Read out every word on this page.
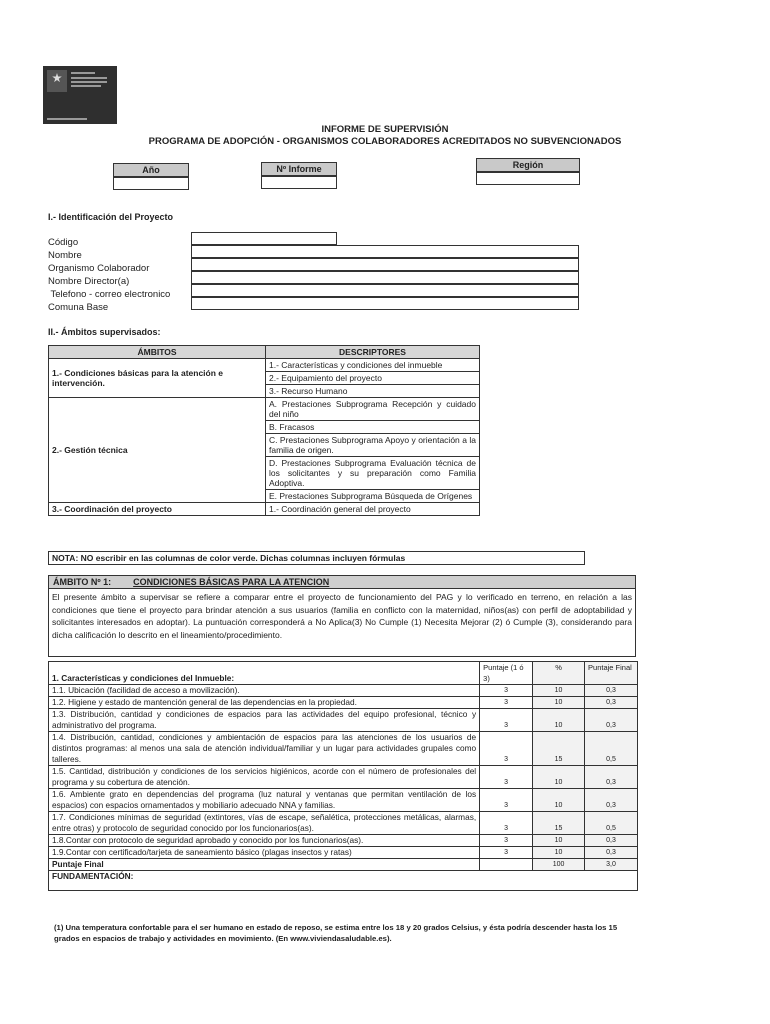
INFORME DE SUPERVISIÓN
PROGRAMA DE ADOPCIÓN - ORGANISMOS COLABORADORES ACREDITADOS NO SUBVENCIONADOS
Año	Nº Informe	Región
I.- Identificación del Proyecto
Código
Nombre
Organismo Colaborador
Nombre Director(a)
Telefono - correo electronico
Comuna Base
II.- Ámbitos supervisados:
ÁMBITOS	DESCRIPTORES
1.- Condiciones básicas para la atención e intervención.	1.- Características y condiciones del inmueble
	2.- Equipamiento del proyecto
	3.- Recurso Humano
2.- Gestión técnica	A. Prestaciones Subprograma Recepción y cuidado del niño
	B. Fracasos
	C. Prestaciones Subprograma Apoyo y orientación a la familia de origen.
	D. Prestaciones Subprograma Evaluación técnica de los solicitantes y su preparación como Familia Adoptiva.
	E. Prestaciones Subprograma Búsqueda de Orígenes
3.- Coordinación del proyecto	1.- Coordinación general del proyecto
NOTA: NO escribir en las columnas de color verde. Dichas columnas incluyen fórmulas
ÁMBITO Nº 1: CONDICIONES BÁSICAS PARA LA ATENCION
El presente ámbito a supervisar se refiere a comparar entre el proyecto de funcionamiento del PAG y lo verificado en terreno, en relación a las condiciones que tiene el proyecto para brindar atención a sus usuarios (familia en conflicto con la maternidad, niños(as) con perfil de adoptabilidad y solicitantes interesados en adoptar). La puntuación corresponderá a No Aplica(3) No Cumple (1) Necesita Mejorar (2) ó Cumple (3), considerando para dicha calificación lo descrito en el lineamiento/procedimiento.
1. Características y condiciones del Inmueble:	Puntaje (1 ó 3)	%	Puntaje Final
1.1. Ubicación (facilidad de acceso a movilización).	3	10	0,3
1.2. Higiene y estado de mantención general de las dependencias en la propiedad.	3	10	0,3
1.3. Distribución, cantidad y condiciones de espacios para las actividades del equipo profesional, técnico y administrativo del programa.	3	10	0,3
1.4. Distribución, cantidad, condiciones y ambientación de espacios para las atenciones de los usuarios de distintos programas: al menos una sala de atención individual/familiar y un lugar para actividades grupales como talleres.	3	15	0,5
1.5. Cantidad, distribución y condiciones de los servicios higiénicos, acorde con el número de profesionales del programa y su cobertura de atención.	3	10	0,3
1.6. Ambiente grato en dependencias del programa (luz natural y ventanas que permitan ventilación de los espacios) con espacios ornamentados y mobiliario adecuado NNA y familias.	3	10	0,3
1.7. Condiciones mínimas de seguridad (extintores, vías de escape, señalética, protecciones metálicas, alarmas, entre otras) y protocolo de seguridad conocido por los funcionarios(as).	3	15	0,5
1.8.Contar con protocolo de seguridad aprobado y conocido por los funcionarios(as).	3	10	0,3
1.9.Contar con certificado/tarjeta de saneamiento básico (plagas insectos y ratas)	3	10	0,3
Puntaje Final		100	3,0
FUNDAMENTACIÓN:			
(1) Una temperatura confortable para el ser humano en estado de reposo, se estima entre los 18 y 20 grados Celsius, y ésta podría descender hasta los 15 grados en espacios de trabajo y actividades en movimiento. (En www.viviendasaludable.es).
